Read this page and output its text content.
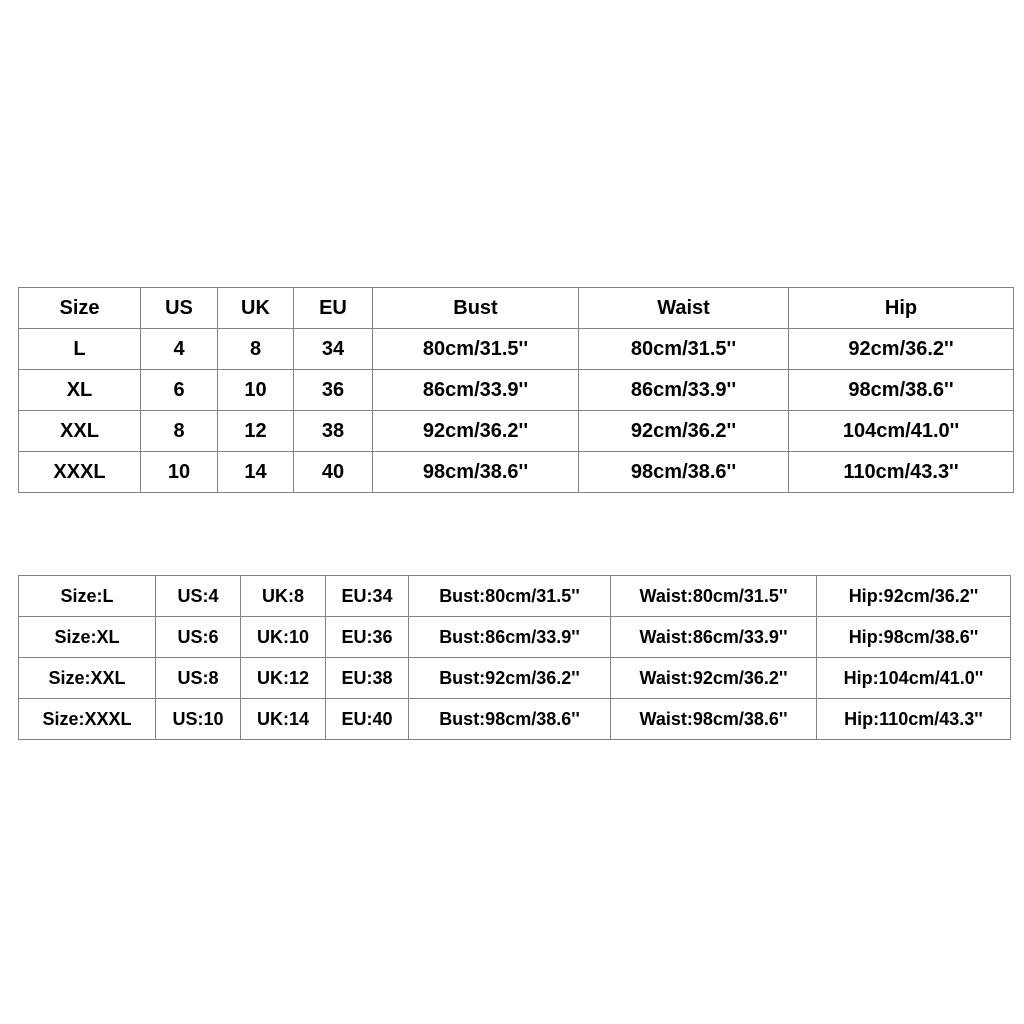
Size	US	UK	EU	Bust	Waist	Hip
L	4	8	34	80cm/31.5''	80cm/31.5''	92cm/36.2''
XL	6	10	36	86cm/33.9''	86cm/33.9''	98cm/38.6''
XXL	8	12	38	92cm/36.2''	92cm/36.2''	104cm/41.0''
XXXL	10	14	40	98cm/38.6''	98cm/38.6''	110cm/43.3''
Size:L	US:4	UK:8	EU:34	Bust:80cm/31.5''	Waist:80cm/31.5''	Hip:92cm/36.2''
Size:XL	US:6	UK:10	EU:36	Bust:86cm/33.9''	Waist:86cm/33.9''	Hip:98cm/38.6''
Size:XXL	US:8	UK:12	EU:38	Bust:92cm/36.2''	Waist:92cm/36.2''	Hip:104cm/41.0''
Size:XXXL	US:10	UK:14	EU:40	Bust:98cm/38.6''	Waist:98cm/38.6''	Hip:110cm/43.3''
